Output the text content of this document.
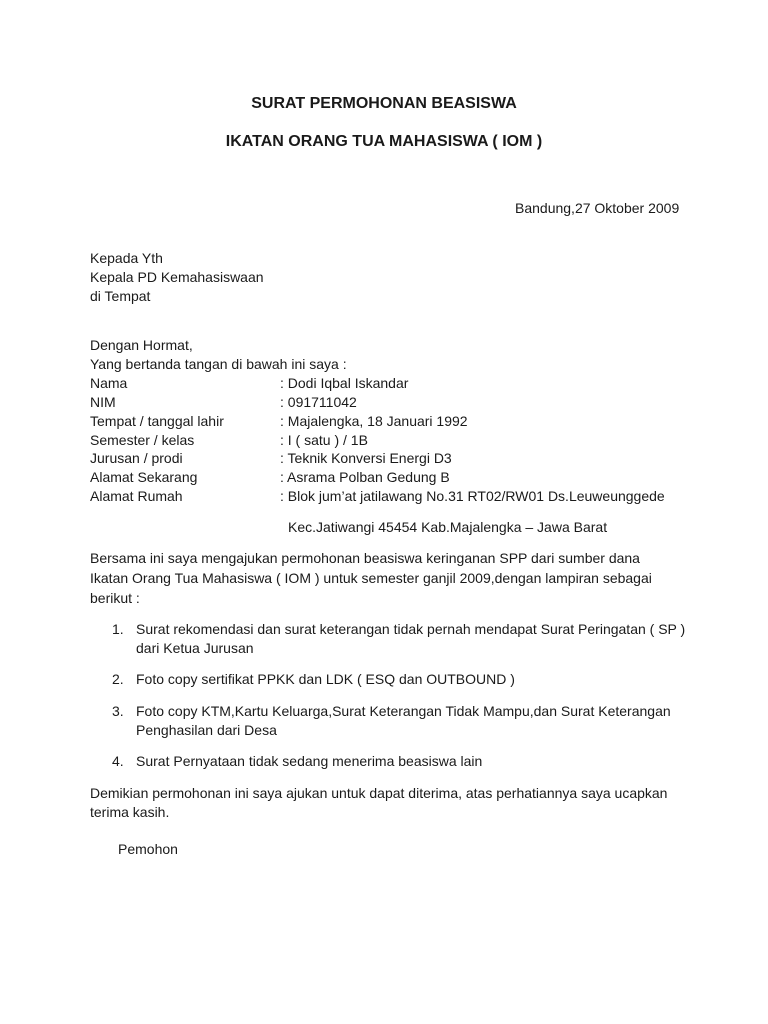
SURAT PERMOHONAN BEASISWA
IKATAN ORANG TUA MAHASISWA ( IOM )
Bandung,27 Oktober 2009
Kepada Yth
Kepala PD Kemahasiswaan
di Tempat
Dengan Hormat,
Yang bertanda tangan di bawah ini saya :
Nama	: Dodi Iqbal Iskandar
NIM	: 091711042
Tempat / tanggal lahir	: Majalengka, 18 Januari 1992
Semester / kelas	: I ( satu ) / 1B
Jurusan / prodi	: Teknik Konversi Energi D3
Alamat Sekarang	: Asrama Polban Gedung B
Alamat Rumah	: Blok jum’at jatilawang No.31 RT02/RW01 Ds.Leuweunggede
Kec.Jatiwangi 45454 Kab.Majalengka – Jawa Barat
Bersama ini saya mengajukan permohonan beasiswa keringanan SPP dari sumber dana
Ikatan Orang Tua Mahasiswa ( IOM ) untuk semester ganjil 2009,dengan lampiran sebagai
berikut :
1. Surat rekomendasi dan surat keterangan tidak pernah mendapat Surat Peringatan ( SP )
dari Ketua Jurusan
2. Foto copy sertifikat PPKK dan LDK ( ESQ dan OUTBOUND )
3. Foto copy KTM,Kartu Keluarga,Surat Keterangan Tidak Mampu,dan Surat Keterangan
Penghasilan dari Desa
4. Surat Pernyataan tidak sedang menerima beasiswa lain
Demikian permohonan ini saya ajukan untuk dapat diterima, atas perhatiannya saya ucapkan
terima kasih.
Pemohon
